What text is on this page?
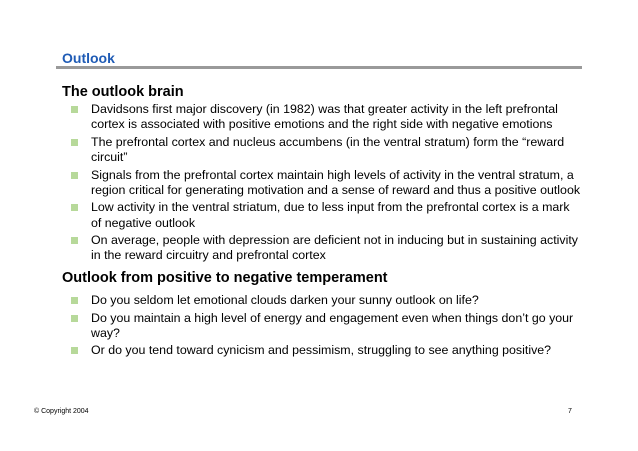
Outlook
The outlook brain
Davidsons first major discovery (in 1982) was that greater activity in the left prefrontal cortex is associated with positive emotions and the right side with negative emotions
The prefrontal cortex and nucleus accumbens (in the ventral stratum) form the “reward circuit”
Signals from the prefrontal cortex maintain high levels of activity in the ventral stratum, a region critical for generating motivation and a sense of reward and thus a positive outlook
Low activity in the ventral striatum, due to less input from the prefrontal cortex is a mark of negative outlook
On average, people with depression are deficient not in inducing but in sustaining activity in the reward circuitry and prefrontal cortex
Outlook from positive to negative temperament
Do you seldom let emotional clouds darken your sunny outlook on life?
Do you maintain a high level of energy and engagement even when things don’t go your way?
Or do you tend toward cynicism and pessimism, struggling to see anything positive?
© Copyright 2004	7
